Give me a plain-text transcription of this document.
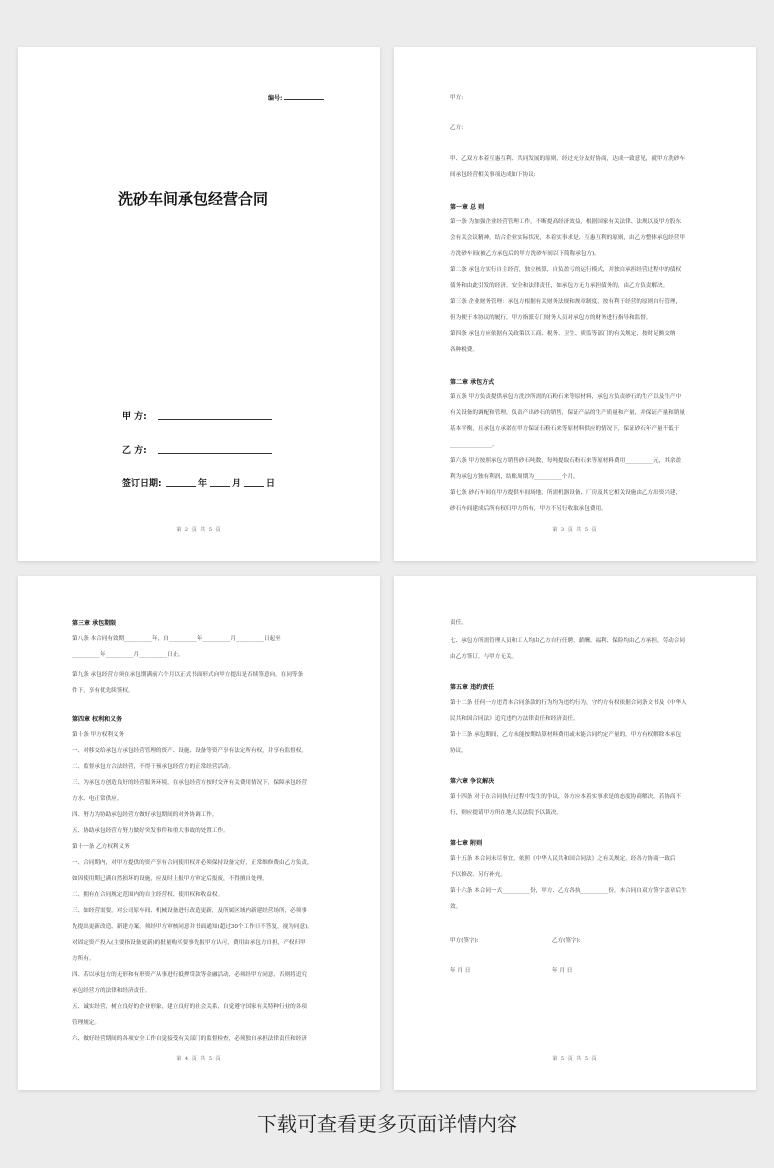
编号:
洗砂车间承包经营合同
甲 方:
乙 方:
签订日期:	年	月	日
第 2 页 共 5 页	第 3 页 共 5 页
甲方:
乙方:
甲、乙双方本着互惠互利、共同发展的原则，经过充分友好协商，达成一致意见，就甲方洗砂车
间承包经营相关事项达成如下协议:
第一章 总 则
第一条 为加强企业经营管理工作，不断提高经济效益，根据国家有关法律、法规以及甲方股东
会有关会议精神，结合企业实际状况，本着实事求是、互惠互利的原则，由乙方整体承包经营甲
方洗砂车间(被乙方承包后的甲方洗砂车间以下简称承包方)。
第二条 承包方实行自主经营，独立核算，自负盈亏的运行模式，并独自承担经营过程中的债权
债务和由此引发的经济、安全和法律责任，如承包方无力承担债务的，由乙方负责解决。
第三条 企业财务管理：承包方根据有关财务法规和规章制度，按有利于经营的原则自行管理，
但为便于本协议的履行，甲方指派专门财务人员对承包方的财务进行指导和监督。
第四条 承包方应依据有关政策以工商、税务、卫生、质监等部门的有关规定，按时足额交纳
各种税费。
第二章 承包方式
第五条 甲方负责提供承包方洗沙所需的石粉石来等原材料，承包方负责砂石的生产以及生产中
有关设备的调配和管理，负责产出砂石的销售，保证产品的生产质量和产量，并保证产量和销量
基本平衡，且承包方承诺在甲方保证石粉石来等原材料供应的情况下，保证砂石年产量不低于
_______________。
第六条 甲方按照承包方销售砂石吨数，每吨提取石粉石来等原材料费用__________元，其余盈
利为承包方独有利润，结账周期为__________个月。
第七条 砂石车间在甲方提供车间场地，所需机器设备、厂房及其它相关设施由乙方出资兴建，
砂石车间建成后所有权归甲方所有，甲方不另行收取承包费用。
第 4 页 共 5 页
第三章 承包期限
第八条 本合同有效期__________年，自__________年__________月__________日起至
__________年__________月__________日止。
第九条 承包经营方须在承包期满前六个月以正式书面形式向甲方提出是否续签意向，在同等条
件下，享有优先续签权。
第四章 权利和义务
第十条 甲方权利义务
一、对移交给承包方承包经营管理的资产、设施、设备等资产享有法定所有权，并享有监督权。
二、监督承包方合法经营，不得干预承包经营方的正常经营活动。
三、为承包方创造良好的经营服务环境，在承包经营方按时交齐有关费用情况下，保障承包经营
方水、电正常供应。
四、努力为协助承包经营方做好承包期间的对外协调工作。
五、协助承包经营方努力做好突发事件和重大事故的处置工作。
第十一条 乙方权利义务
一、合同期内，对甲方提供的资产享有合同使用权并必须保持设备完好，正常维修费由乙方负责，
如因使用期已满自然损坏的设施，应及时上报甲方审定后报废，不得擅自处理。
二、拥有在合同规定范围内的自主经营权、使用权和收益权。
三、如经营需要，对公司原车间、机械设备进行改造更新，及所属区域内新建经营场所，必须事
先提出更新改造、新建方案，须经甲方审核同意并书面通知(超过30个工作日不答复，视为同意)。
对固定资产投入(主要指设备更新)的批量购买要事先报甲方认可，费用由承包方自担，产权归甲
方所有。
四、若以承包方的无形和有形资产从事进行抵押贷款等金融活动，必须经甲方同意，否则将追究
承包经营方的法律和经济责任。
五、诚实经营，树立良好的企业形象，建立良好的社会关系，自觉遵守国家有关特种行业的各项
管理规定。
六、做好经营期间的各项安全工作自觉接受有关部门的监督检查，必须独自承担法律责任和经济
第 5 页 共 5 页
责任。
七、承包方所需管理人员和工人均由乙方自行任聘，薪酬、福利、保险均由乙方承担，劳动合同
由乙方签订，与甲方无关。
第五章 违约责任
第十二条 任何一方违背本合同条款的行为均为违约行为，守约方有权依据合同条文书及《中华人
民共和国合同法》追究违约方法律责任和经济责任。
第十三条 承包期间，乙方未能按期结算材料费用或未能合同约定产量的，甲方有权解除本承包
协议。
第六章 争议解决
第十四条 对于在合同执行过程中发生的争议，各方应本着实事求是的态度协商解决，若协商不
行，则应提请甲方所在地人民法院予以裁决。
第七章 附则
第十五条 本合同未尽事宜，依照《中华人民共和国合同法》之有关规定，经各方协商一致后
予以修改、另行补充。
第十六条 本合同一式__________份，甲方、乙方各执__________份，本合同自双方签字盖章后生
效。
甲方(签字):
年 月 日
乙方(签字):
年 月 日
下载可查看更多页面详情内容
